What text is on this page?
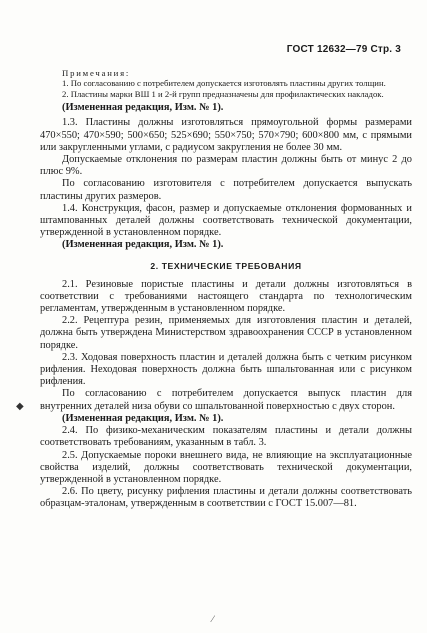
ГОСТ 12632—79 Стр. 3

Примечания:

1. По согласованию с потребителем допускается изготовлять пластины других толщин.

2. Пластины марки ВШ 1 и 2-й групп предназначены для профилактических накладок.

(Измененная редакция, Изм. № 1).

1.3. Пластины должны изготовляться прямоугольной формы размерами 470×550; 470×590; 500×650; 525×690; 550×750; 570×790; 600×800 мм, с прямыми или закругленными углами, с радиусом закругления не более 30 мм.

Допускаемые отклонения по размерам пластин должны быть от минус 2 до плюс 9%.

По согласованию изготовителя с потребителем допускается выпускать пластины других размеров.

1.4. Конструкция, фасон, размер и допускаемые отклонения формованных и штампованных деталей должны соответствовать технической документации, утвержденной в установленном порядке.

(Измененная редакция, Изм. № 1).

2. ТЕХНИЧЕСКИЕ ТРЕБОВАНИЯ

2.1. Резиновые пористые пластины и детали должны изготовляться в соответствии с требованиями настоящего стандарта по технологическим регламентам, утвержденным в установленном порядке.

2.2. Рецептура резин, применяемых для изготовления пластин и деталей, должна быть утверждена Министерством здравоохранения СССР в установленном порядке.

2.3. Ходовая поверхность пластин и деталей должна быть с четким рисунком рифления. Неходовая поверхность должна быть шпальтованная или с рисунком рифления.

По согласованию с потребителем допускается выпуск пластин для внутренних деталей низа обуви со шпальтованной поверхностью с двух сторон.

(Измененная редакция, Изм. № 1).

2.4. По физико-механическим показателям пластины и детали должны соответствовать требованиям, указанным в табл. 3.

2.5. Допускаемые пороки внешнего вида, не влияющие на эксплуатационные свойства изделий, должны соответствовать технической документации, утвержденной в установленном порядке.

2.6. По цвету, рисунку рифления пластины и детали должны соответствовать образцам-эталонам, утвержденным в соответствии с ГОСТ 15.007—81.

◆
⁄
